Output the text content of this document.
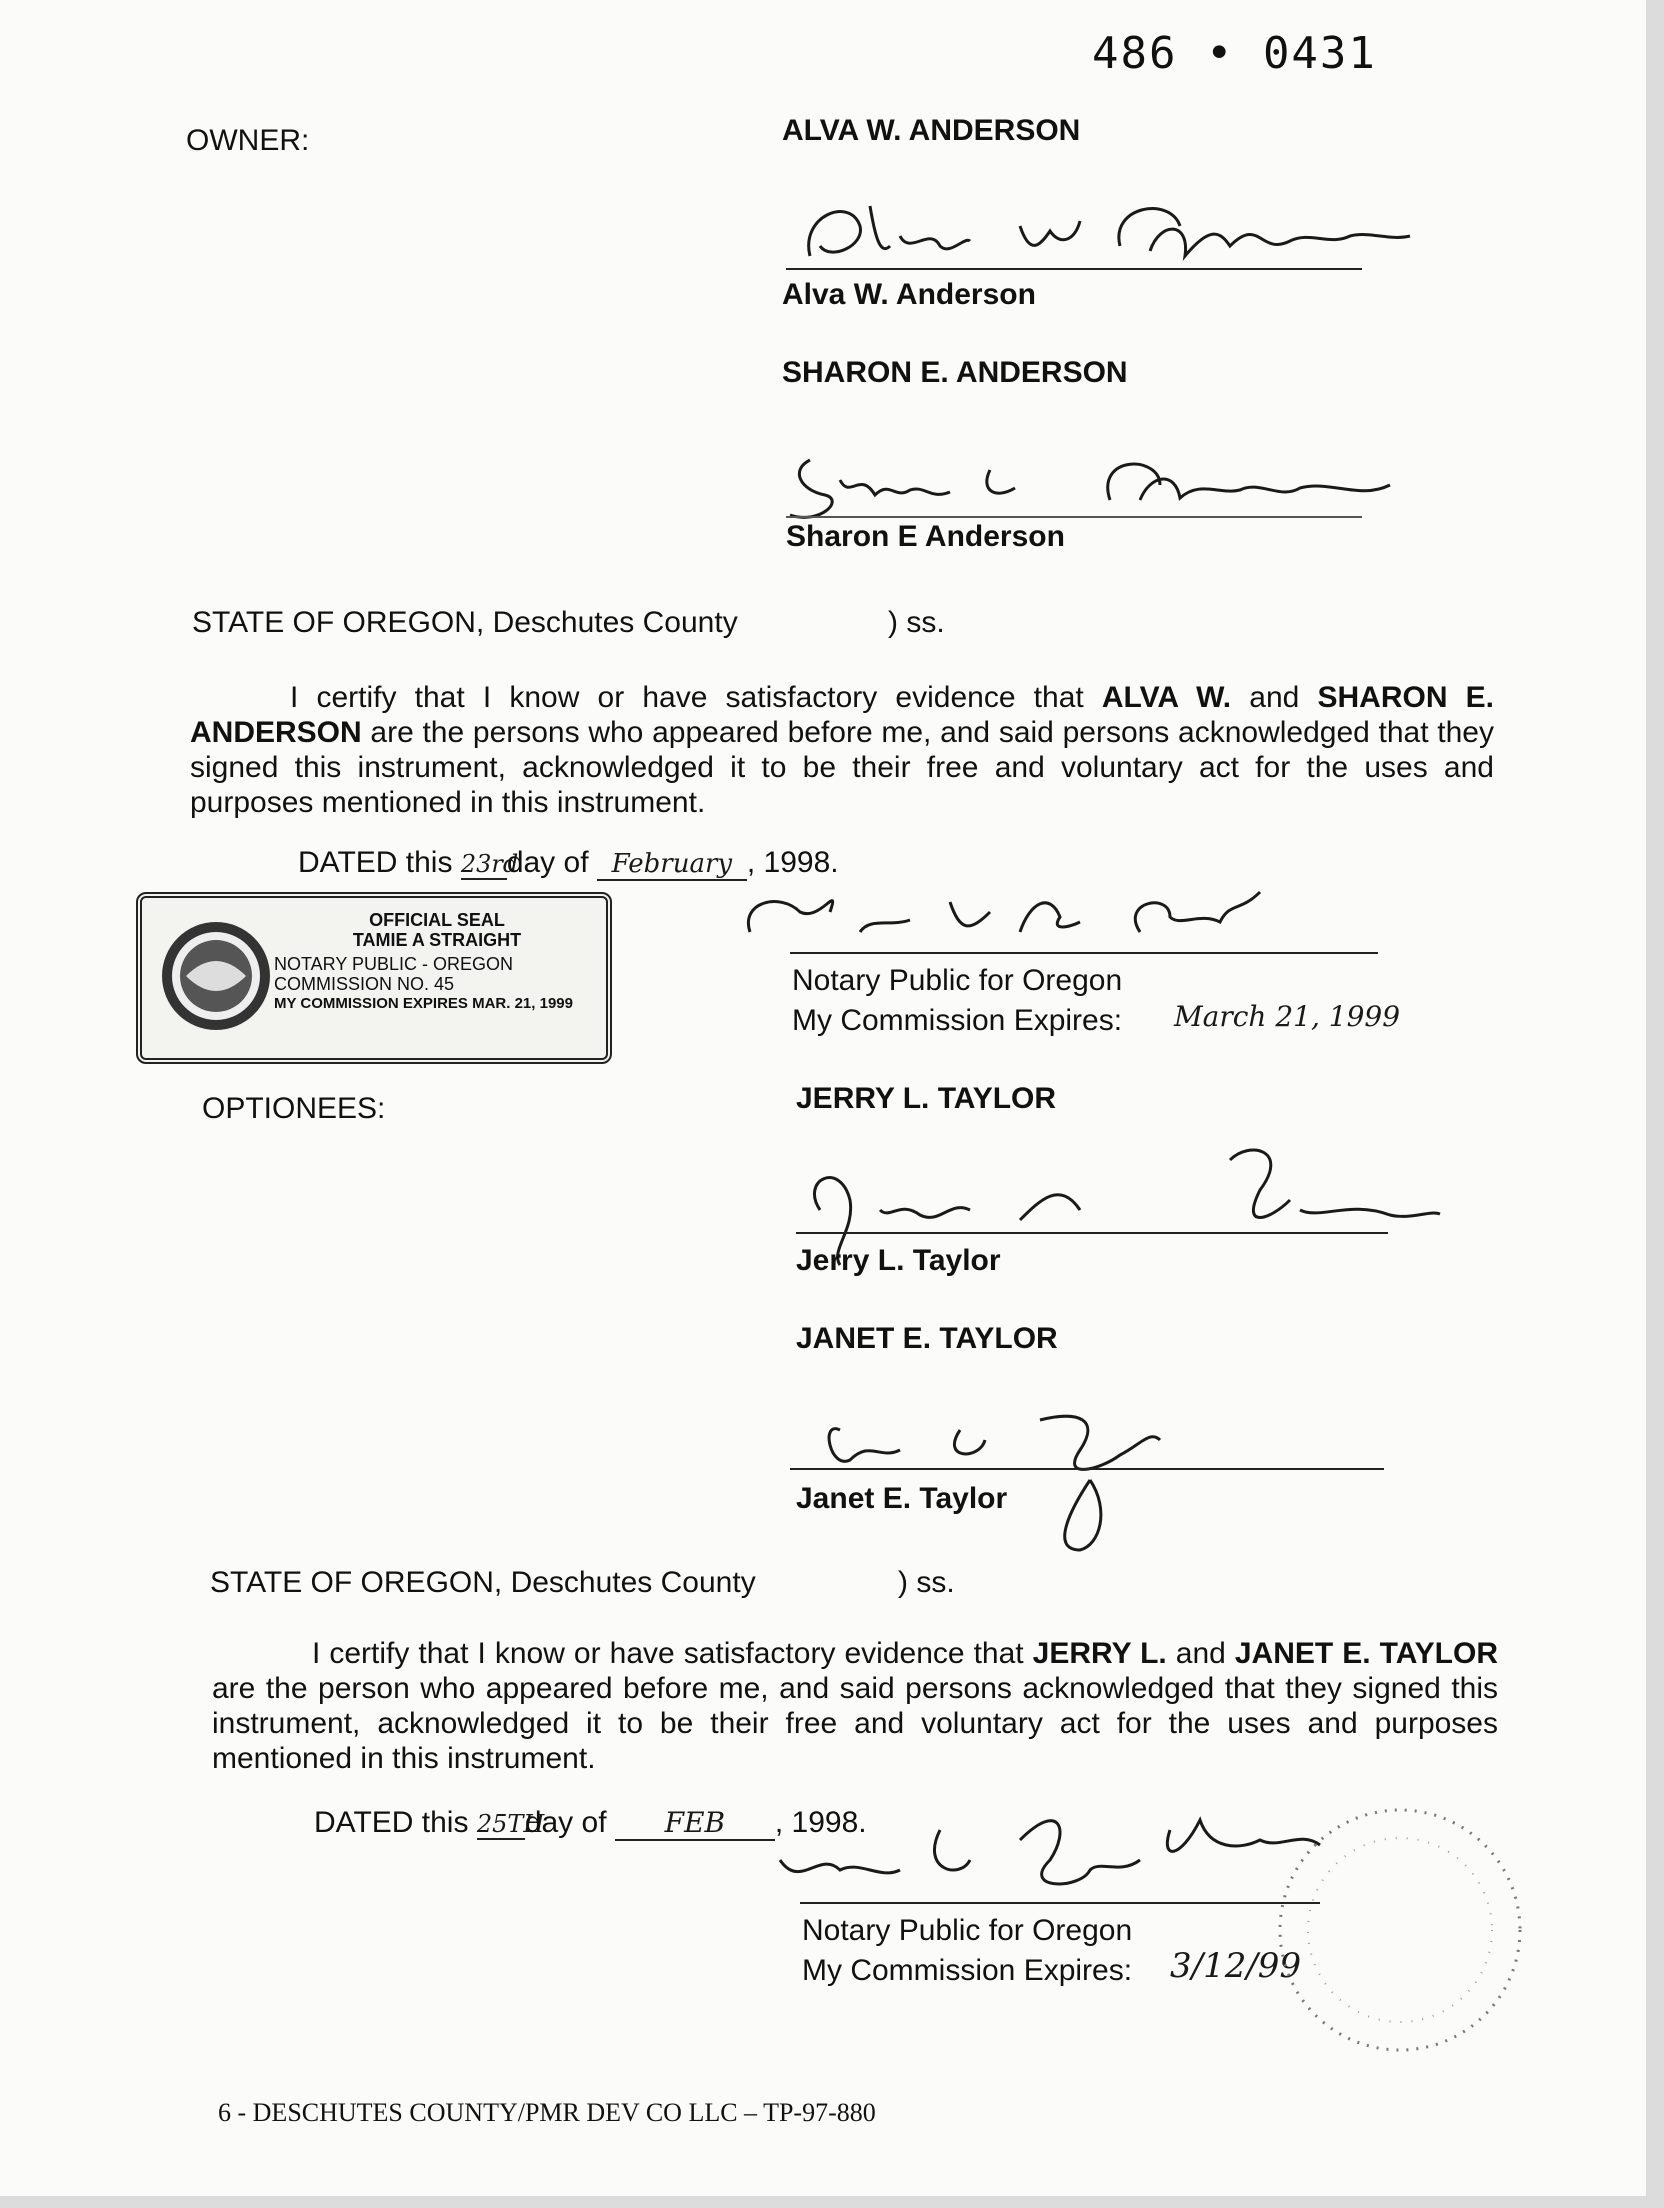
486 • 0431
OWNER:	ALVA W. ANDERSON
Alva W. Anderson
SHARON E. ANDERSON
Sharon E Anderson
STATE OF OREGON, Deschutes County	) ss.
I certify that I know or have satisfactory evidence that ALVA W. and SHARON E. ANDERSON are the persons who appeared before me, and said persons acknowledged that they signed this instrument, acknowledged it to be their free and voluntary act for the uses and purposes mentioned in this instrument.
DATED this 23rdday of February , 1998.
OFFICIAL SEAL
TAMIE A STRAIGHT
NOTARY PUBLIC - OREGON
COMMISSION NO. 45
MY COMMISSION EXPIRES MAR. 21, 1999
Notary Public for Oregon
My Commission Expires: March 21, 1999
OPTIONEES:	JERRY L. TAYLOR
Jerry L. Taylor
JANET E. TAYLOR
Janet E. Taylor
STATE OF OREGON, Deschutes County	) ss.
I certify that I know or have satisfactory evidence that JERRY L. and JANET E. TAYLOR are the person who appeared before me, and said persons acknowledged that they signed this instrument, acknowledged it to be their free and voluntary act for the uses and purposes mentioned in this instrument.
DATED this 25THday of FEB , 1998.
Notary Public for Oregon
My Commission Expires: 3/12/99
6 - DESCHUTES COUNTY/PMR DEV CO LLC – TP-97-880
